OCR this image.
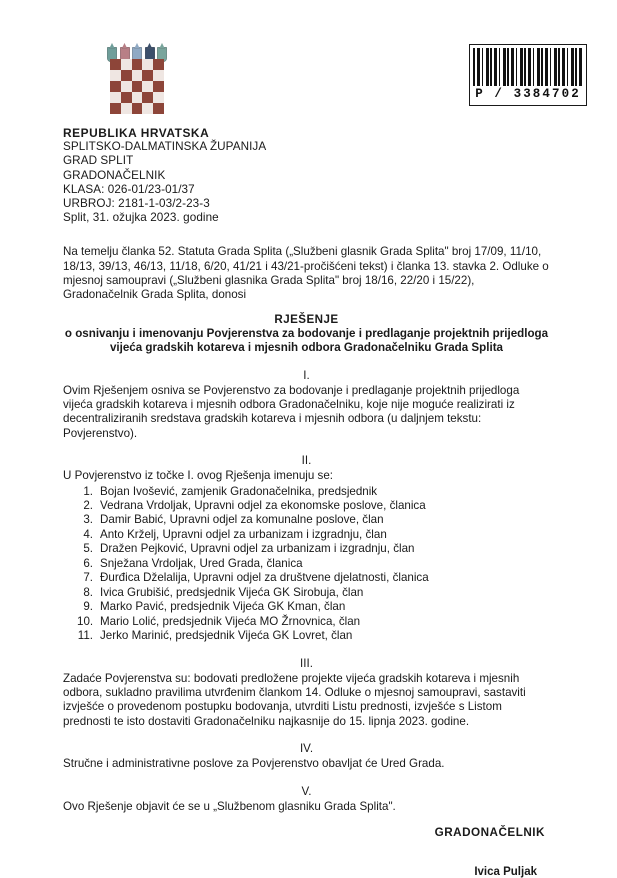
P / 3384702
REPUBLIKA HRVATSKA
SPLITSKO-DALMATINSKA ŽUPANIJA
GRAD SPLIT
GRADONAČELNIK
KLASA: 026-01/23-01/37
URBROJ: 2181-1-03/2-23-3
Split, 31. ožujka 2023. godine
Na temelju članka 52. Statuta Grada Splita („Službeni glasnik Grada Splita" broj 17/09, 11/10, 18/13, 39/13, 46/13, 11/18, 6/20, 41/21 i 43/21-pročišćeni tekst) i članka 13. stavka 2. Odluke o mjesnoj samoupravi („Službeni glasnika Grada Splita" broj 18/16, 22/20 i 15/22), Gradonačelnik Grada Splita, donosi
RJEŠENJE
o osnivanju i imenovanju Povjerenstva za bodovanje i predlaganje projektnih prijedloga vijeća gradskih kotareva i mjesnih odbora Gradonačelniku Grada Splita
I.
Ovim Rješenjem osniva se Povjerenstvo za bodovanje i predlaganje projektnih prijedloga vijeća gradskih kotareva i mjesnih odbora Gradonačelniku, koje nije moguće realizirati iz decentraliziranih sredstava gradskih kotareva i mjesnih odbora (u daljnjem tekstu: Povjerenstvo).
II.
U Povjerenstvo iz točke I. ovog Rješenja imenuju se:
1. Bojan Ivošević, zamjenik Gradonačelnika, predsjednik
2. Vedrana Vrdoljak, Upravni odjel za ekonomske poslove, članica
3. Damir Babić, Upravni odjel za komunalne poslove, član
4. Anto Krželj, Upravni odjel za urbanizam i izgradnju, član
5. Dražen Pejković, Upravni odjel za urbanizam i izgradnju, član
6. Snježana Vrdoljak, Ured Grada, članica
7. Đurđica Dželalija, Upravni odjel za društvene djelatnosti, članica
8. Ivica Grubišić, predsjednik Vijeća GK Sirobuja, član
9. Marko Pavić, predsjednik Vijeća GK Kman, član
10. Mario Lolić, predsjednik Vijeća MO Žrnovnica, član
11. Jerko Marinić, predsjednik Vijeća GK Lovret, član
III.
Zadaće Povjerenstva su: bodovati predložene projekte vijeća gradskih kotareva i mjesnih odbora, sukladno pravilima utvrđenim člankom 14. Odluke o mjesnoj samoupravi, sastaviti izvješće o provedenom postupku bodovanja, utvrditi Listu prednosti, izvješće s Listom prednosti te isto dostaviti Gradonačelniku najkasnije do 15. lipnja 2023. godine.
IV.
Stručne i administrativne poslove za Povjerenstvo obavljat će Ured Grada.
V.
Ovo Rješenje objavit će se u „Službenom glasniku Grada Splita".
GRADONAČELNIK
Ivica Puljak
